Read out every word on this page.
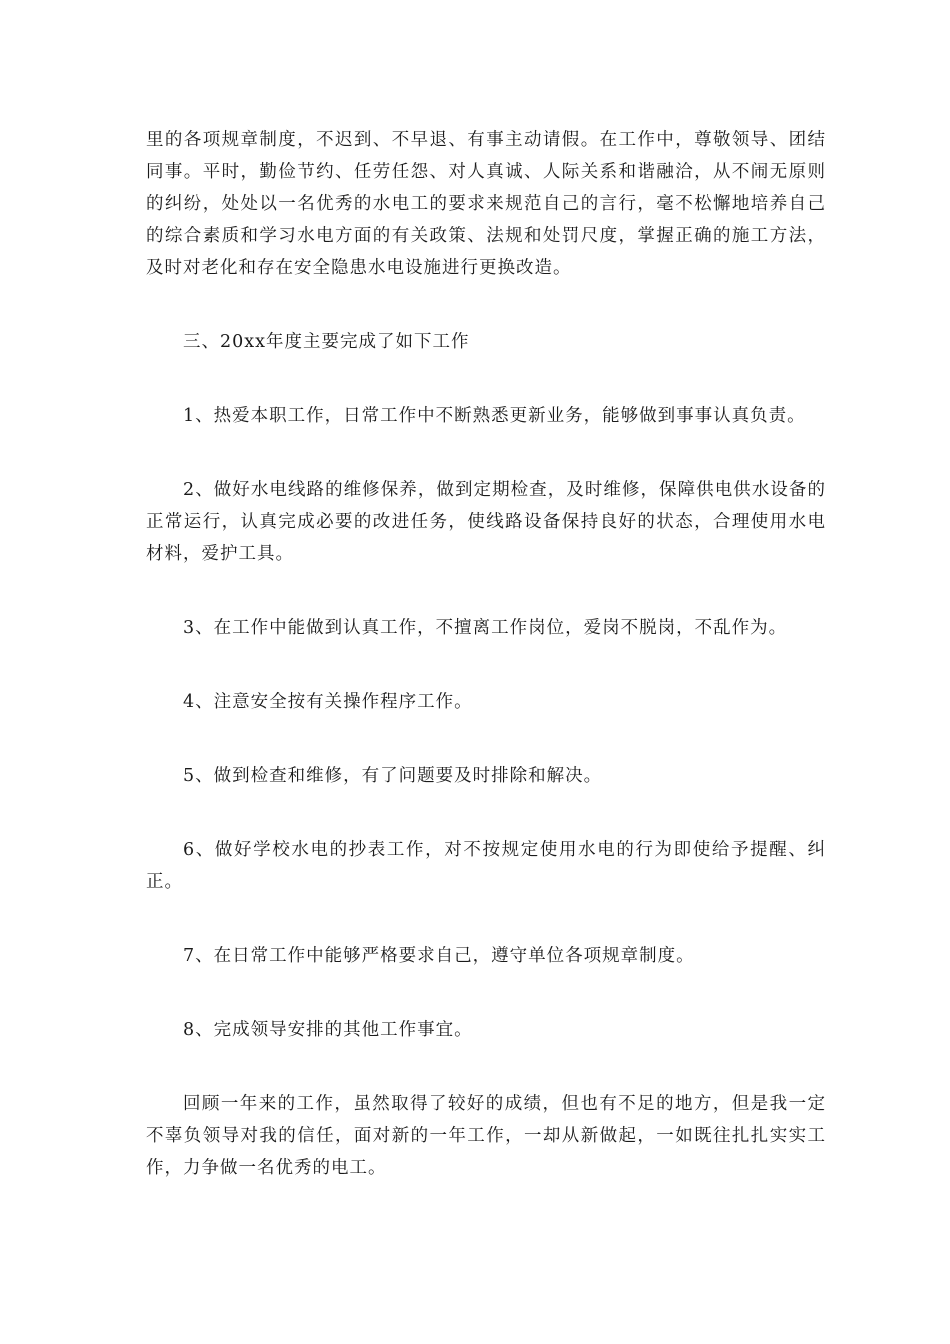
里的各项规章制度，不迟到、不早退、有事主动请假。在工作中，尊敬领导、团结同事。平时，勤俭节约、任劳任怨、对人真诚、人际关系和谐融洽，从不闹无原则的纠纷，处处以一名优秀的水电工的要求来规范自己的言行，毫不松懈地培养自己的综合素质和学习水电方面的有关政策、法规和处罚尺度，掌握正确的施工方法，及时对老化和存在安全隐患水电设施进行更换改造。

三、20xx年度主要完成了如下工作

1、热爱本职工作，日常工作中不断熟悉更新业务，能够做到事事认真负责。

2、做好水电线路的维修保养，做到定期检查，及时维修，保障供电供水设备的正常运行，认真完成必要的改进任务，使线路设备保持良好的状态，合理使用水电材料，爱护工具。

3、在工作中能做到认真工作，不擅离工作岗位，爱岗不脱岗，不乱作为。

4、注意安全按有关操作程序工作。

5、做到检查和维修，有了问题要及时排除和解决。

6、做好学校水电的抄表工作，对不按规定使用水电的行为即使给予提醒、纠正。

7、在日常工作中能够严格要求自己，遵守单位各项规章制度。

8、完成领导安排的其他工作事宜。

回顾一年来的工作，虽然取得了较好的成绩，但也有不足的地方，但是我一定不辜负领导对我的信任，面对新的一年工作，一却从新做起，一如既往扎扎实实工作，力争做一名优秀的电工。
